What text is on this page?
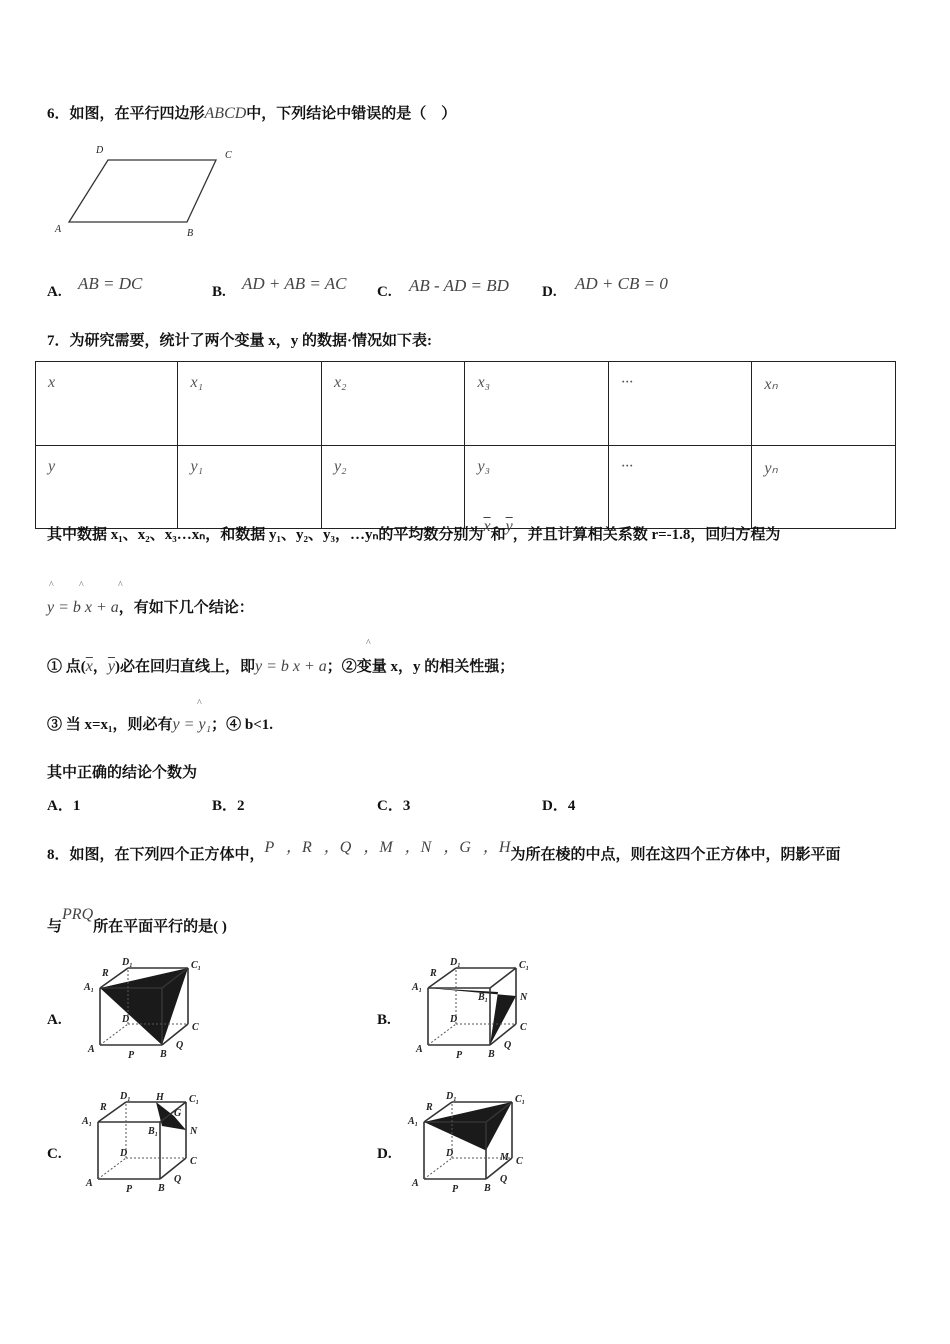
6．如图，在平行四边形ABCD中，下列结论中错误的是（　）
D	C
A	B
A. AB = DC	B. AD + AB = AC C. AB - AD = BD D. AD + CB = 0
7．为研究需要，统计了两个变量 x，y 的数据·情况如下表:
x	x₁	x₂	x₃	···	xₙ
y	y₁	y₂	y₃	···	yₙ
其中数据 x₁、x₂、x₃…xₙ，和数据 y₁、y₂、y₃，…yₙ的平均数分别为$\overline{x}$和$\overline{y}$，并且计算相关系数 r=-1.8，回归方程为
^	^	^
y = b x + a，有如下几个结论：
^
① 点($\overline{x}$，$\overline{y}$)必在回归直线上，即y = b x + a；②变量 x，y 的相关性强；
^
③ 当 x=x₁，则必有y = y₁；④ b<1.
其中正确的结论个数为
A．1	B．2	C．3	D．4
8．如图，在下列四个正方体中，P ，R ，Q ，M ，N ，G ，H为所在棱的中点，则在这四个正方体中，阴影平面
与PRQ所在平面平行的是( )
A.	B.
C.	D.
A	B
C
D
A₁
D₁	C₁
R
P
Q	A	B
C
D
A₁
D₁	C₁
B₁
R
P
Q
N
A	B
C
D
A₁
D₁	C₁
B₁
R
P
Q
N
H
G
A	B
C
D
A₁
D₁	C₁
R
P
Q
M
